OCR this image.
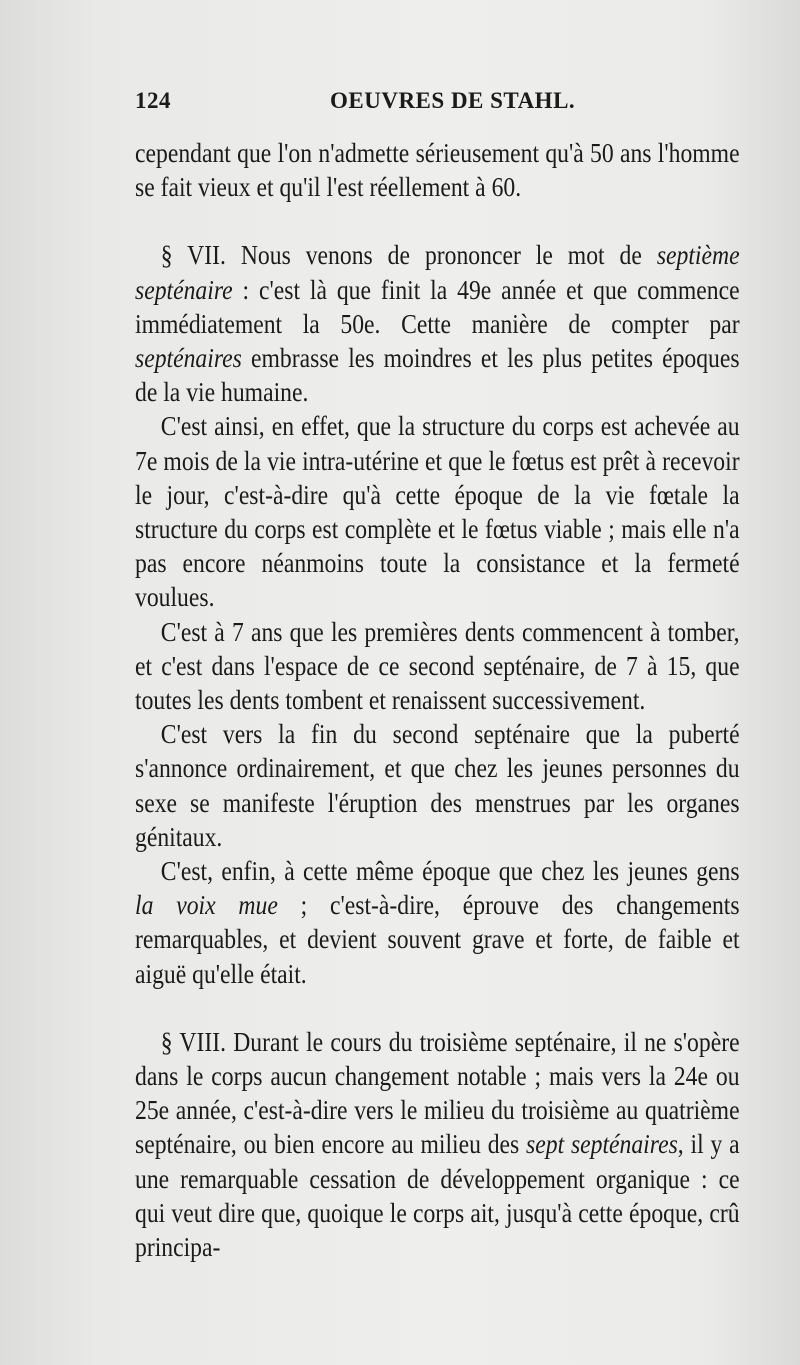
124	OEUVRES DE STAHL.

cependant que l'on n'admette sérieusement qu'à 50 ans l'homme se fait vieux et qu'il l'est réellement à 60.

§ VII. Nous venons de prononcer le mot de septième septénaire : c'est là que finit la 49e année et que commence immédiatement la 50e. Cette manière de compter par septénaires embrasse les moindres et les plus petites époques de la vie humaine.

C'est ainsi, en effet, que la structure du corps est achevée au 7e mois de la vie intra-utérine et que le fœtus est prêt à recevoir le jour, c'est-à-dire qu'à cette époque de la vie fœtale la structure du corps est complète et le fœtus viable ; mais elle n'a pas encore néanmoins toute la consistance et la fermeté voulues.

C'est à 7 ans que les premières dents commencent à tomber, et c'est dans l'espace de ce second septénaire, de 7 à 15, que toutes les dents tombent et renaissent successivement.

C'est vers la fin du second septénaire que la puberté s'annonce ordinairement, et que chez les jeunes personnes du sexe se manifeste l'éruption des menstrues par les organes génitaux.

C'est, enfin, à cette même époque que chez les jeunes gens la voix mue ; c'est-à-dire, éprouve des changements remarquables, et devient souvent grave et forte, de faible et aiguë qu'elle était.

§ VIII. Durant le cours du troisième septénaire, il ne s'opère dans le corps aucun changement notable ; mais vers la 24e ou 25e année, c'est-à-dire vers le milieu du troisième au quatrième septénaire, ou bien encore au milieu des sept septénaires, il y a une remarquable cessation de développement organique : ce qui veut dire que, quoique le corps ait, jusqu'à cette époque, crû principa-
